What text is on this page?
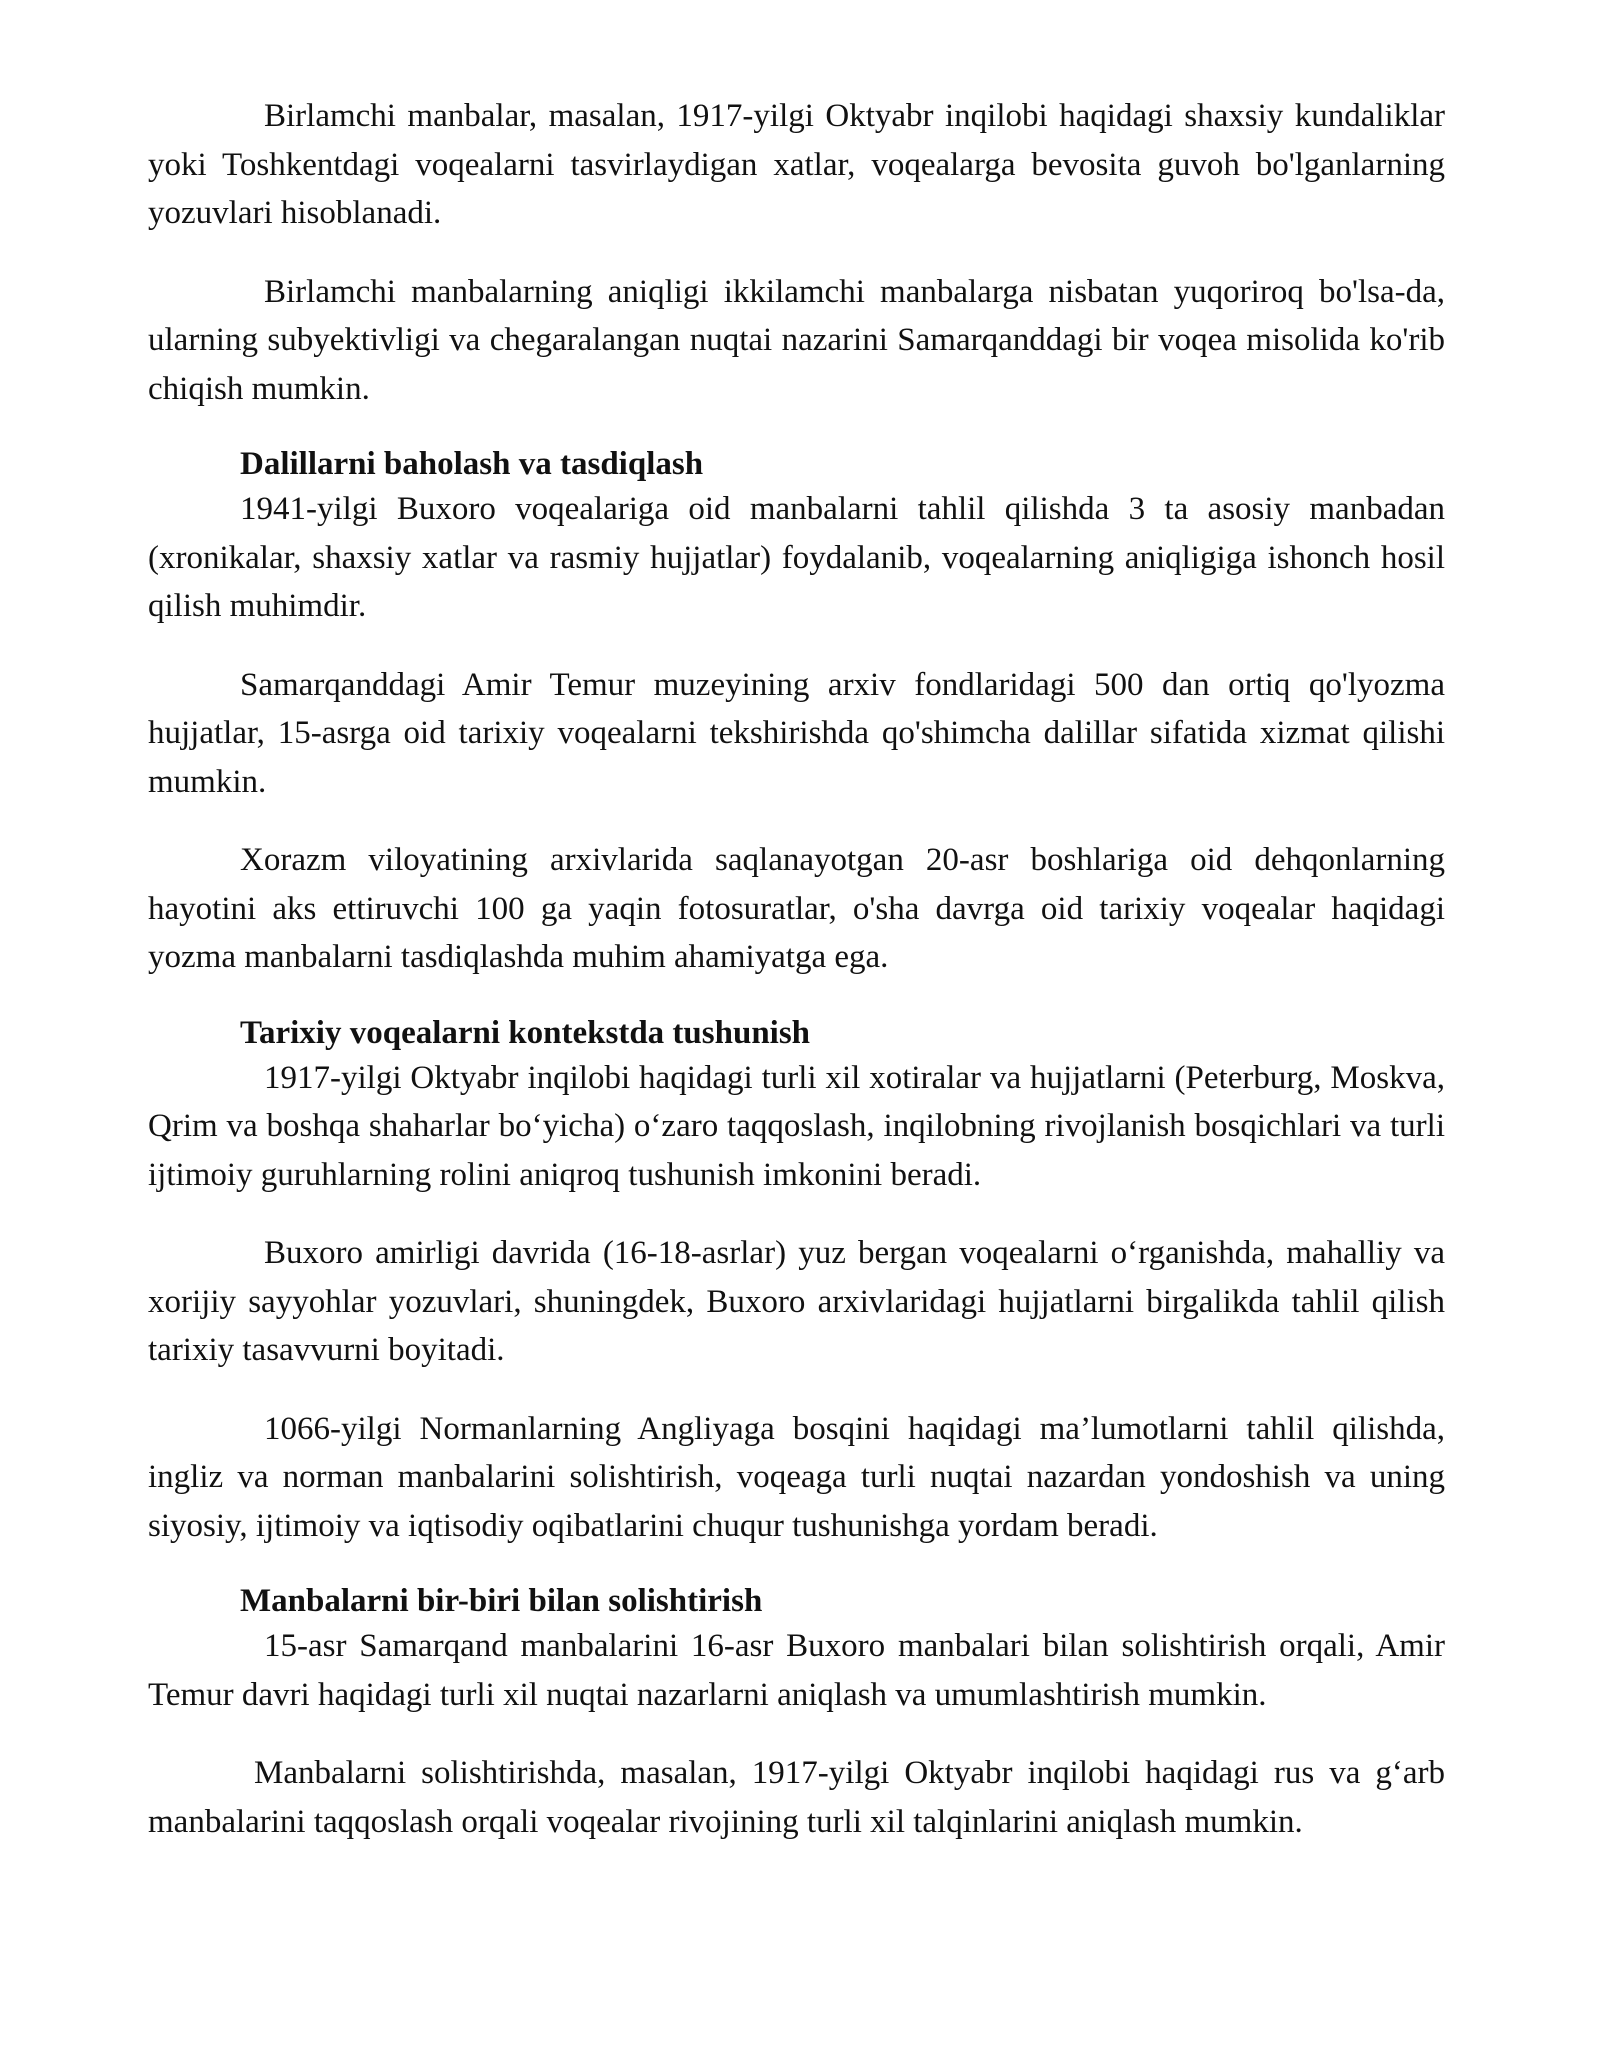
Birlamchi manbalar, masalan, 1917-yilgi Oktyabr inqilobi haqidagi shaxsiy kundaliklar yoki Toshkentdagi voqealarni tasvirlaydigan xatlar, voqealarga bevosita guvoh bo'lganlarning yozuvlari hisoblanadi.

Birlamchi manbalarning aniqligi ikkilamchi manbalarga nisbatan yuqoriroq bo'lsa-da, ularning subyektivligi va chegaralangan nuqtai nazarini Samarqanddagi bir voqea misolida ko'rib chiqish mumkin.

Dalillarni baholash va tasdiqlash

1941-yilgi Buxoro voqealariga oid manbalarni tahlil qilishda 3 ta asosiy manbadan (xronikalar, shaxsiy xatlar va rasmiy hujjatlar) foydalanib, voqealarning aniqligiga ishonch hosil qilish muhimdir.

Samarqanddagi Amir Temur muzeyining arxiv fondlaridagi 500 dan ortiq qo'lyozma hujjatlar, 15-asrga oid tarixiy voqealarni tekshirishda qo'shimcha dalillar sifatida xizmat qilishi mumkin.

Xorazm viloyatining arxivlarida saqlanayotgan 20-asr boshlariga oid dehqonlarning hayotini aks ettiruvchi 100 ga yaqin fotosuratlar, o'sha davrga oid tarixiy voqealar haqidagi yozma manbalarni tasdiqlashda muhim ahamiyatga ega.

Tarixiy voqealarni kontekstda tushunish

1917-yilgi Oktyabr inqilobi haqidagi turli xil xotiralar va hujjatlarni (Peterburg, Moskva, Qrim va boshqa shaharlar bo‘yicha) o‘zaro taqqoslash, inqilobning rivojlanish bosqichlari va turli ijtimoiy guruhlarning rolini aniqroq tushunish imkonini beradi.

Buxoro amirligi davrida (16-18-asrlar) yuz bergan voqealarni o‘rganishda, mahalliy va xorijiy sayyohlar yozuvlari, shuningdek, Buxoro arxivlaridagi hujjatlarni birgalikda tahlil qilish tarixiy tasavvurni boyitadi.

1066-yilgi Normanlarning Angliyaga bosqini haqidagi ma’lumotlarni tahlil qilishda, ingliz va norman manbalarini solishtirish, voqeaga turli nuqtai nazardan yondoshish va uning siyosiy, ijtimoiy va iqtisodiy oqibatlarini chuqur tushunishga yordam beradi.

Manbalarni bir-biri bilan solishtirish

15-asr Samarqand manbalarini 16-asr Buxoro manbalari bilan solishtirish orqali, Amir Temur davri haqidagi turli xil nuqtai nazarlarni aniqlash va umumlashtirish mumkin.

Manbalarni solishtirishda, masalan, 1917-yilgi Oktyabr inqilobi haqidagi rus va g‘arb manbalarini taqqoslash orqali voqealar rivojining turli xil talqinlarini aniqlash mumkin.
